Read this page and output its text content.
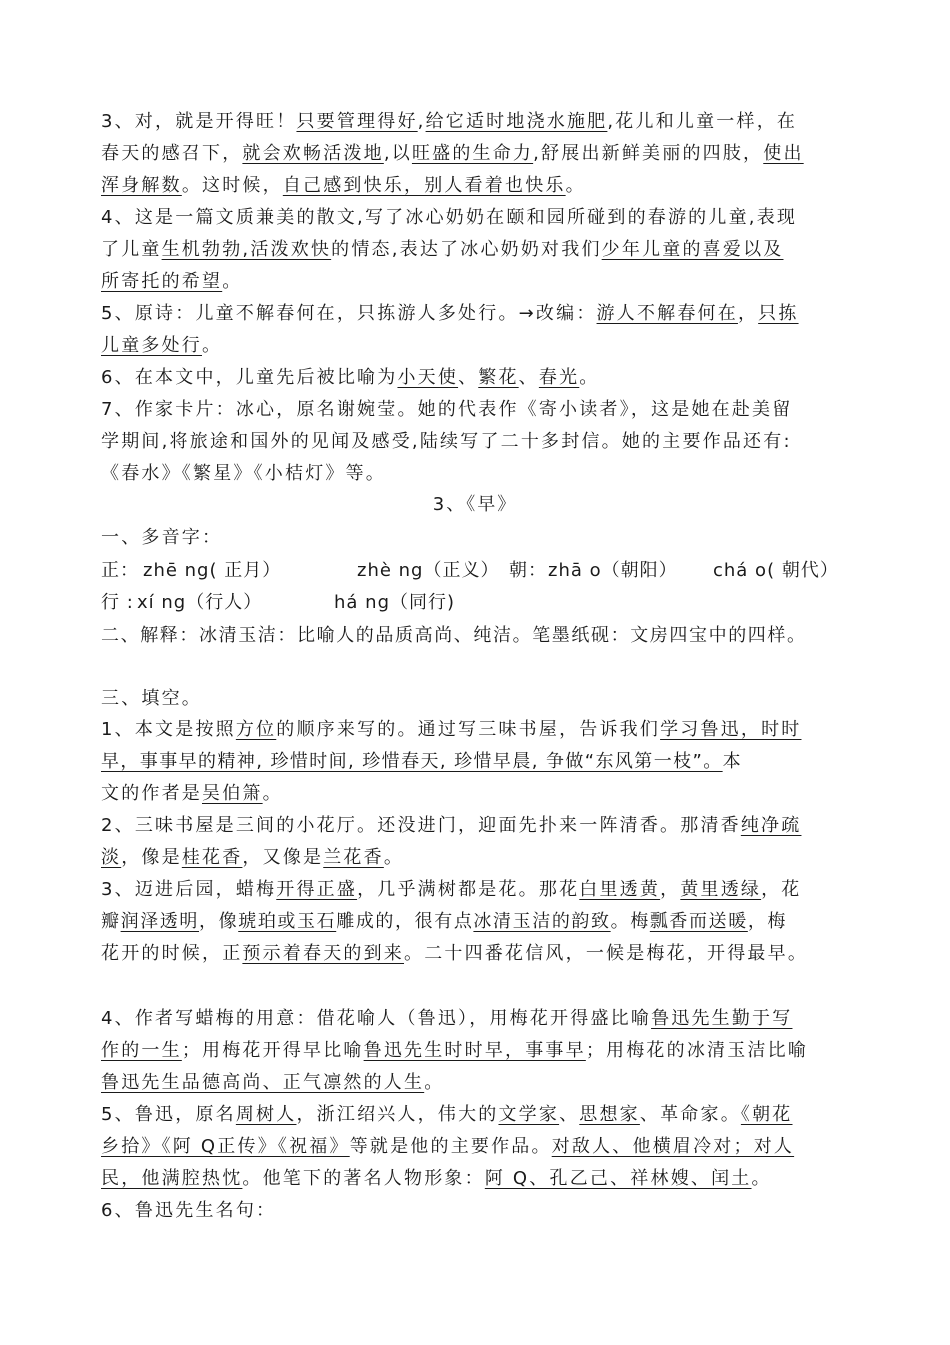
3、对，就是开得旺！只要管理得好,给它适时地浇水施肥,花儿和儿童一样，在
春天的感召下，就会欢畅活泼地,以旺盛的生命力,舒展出新鲜美丽的四肢，使出
浑身解数。这时候，自己感到快乐，别人看着也快乐。
4、这是一篇文质兼美的散文,写了冰心奶奶在颐和园所碰到的春游的儿童,表现
了儿童生机勃勃,活泼欢快的情态,表达了冰心奶奶对我们少年儿童的喜爱以及
所寄托的希望。
5、原诗：儿童不解春何在，只拣游人多处行。→改编：游人不解春何在，只拣
儿童多处行。
6、在本文中，儿童先后被比喻为小天使、繁花、春光。
7、作家卡片：冰心，原名谢婉莹。她的代表作《寄小读者》，这是她在赴美留
学期间,将旅途和国外的见闻及感受,陆续写了二十多封信。她的主要作品还有:
《春水》《繁星》《小桔灯》等。
3、《早》
一、多音字：
正： zhē ng( 正月）	zhè ng（正义） 朝： zhā o（朝阳） chá o( 朝代）
行 : xí ng（行人）	há ng（同行)
二、解释：冰清玉洁：比喻人的品质高尚、纯洁。笔墨纸砚：文房四宝中的四样。
三、填空。
1、本文是按照方位的顺序来写的。通过写三味书屋，告诉我们学习鲁迅，时时
早，事事早的精神, 珍惜时间, 珍惜春天, 珍惜早晨, 争做“东风第一枝”。本
文的作者是吴伯箫。
2、三味书屋是三间的小花厅。还没进门，迎面先扑来一阵清香。那清香纯净疏
淡，像是桂花香，又像是兰花香。
3、迈进后园，蜡梅开得正盛，几乎满树都是花。那花白里透黄，黄里透绿，花
瓣润泽透明，像琥珀或玉石雕成的，很有点冰清玉洁的韵致。梅瓢香而送暖，梅
花开的时候，正预示着春天的到来。二十四番花信风，一候是梅花，开得最早。
4、作者写蜡梅的用意：借花喻人（鲁迅），用梅花开得盛比喻鲁迅先生勤于写
作的一生；用梅花开得早比喻鲁迅先生时时早，事事早；用梅花的冰清玉洁比喻
鲁迅先生品德高尚、正气凛然的人生。
5、鲁迅，原名周树人，浙江绍兴人，伟大的文学家、思想家、革命家。《朝花
乡拾》《阿 Q正传》《祝福》等就是他的主要作品。对敌人、他横眉冷对；对人
民，他满腔热忱。他笔下的著名人物形象：阿 Q、孔乙己、祥林嫂、闰土。
6、鲁迅先生名句：
